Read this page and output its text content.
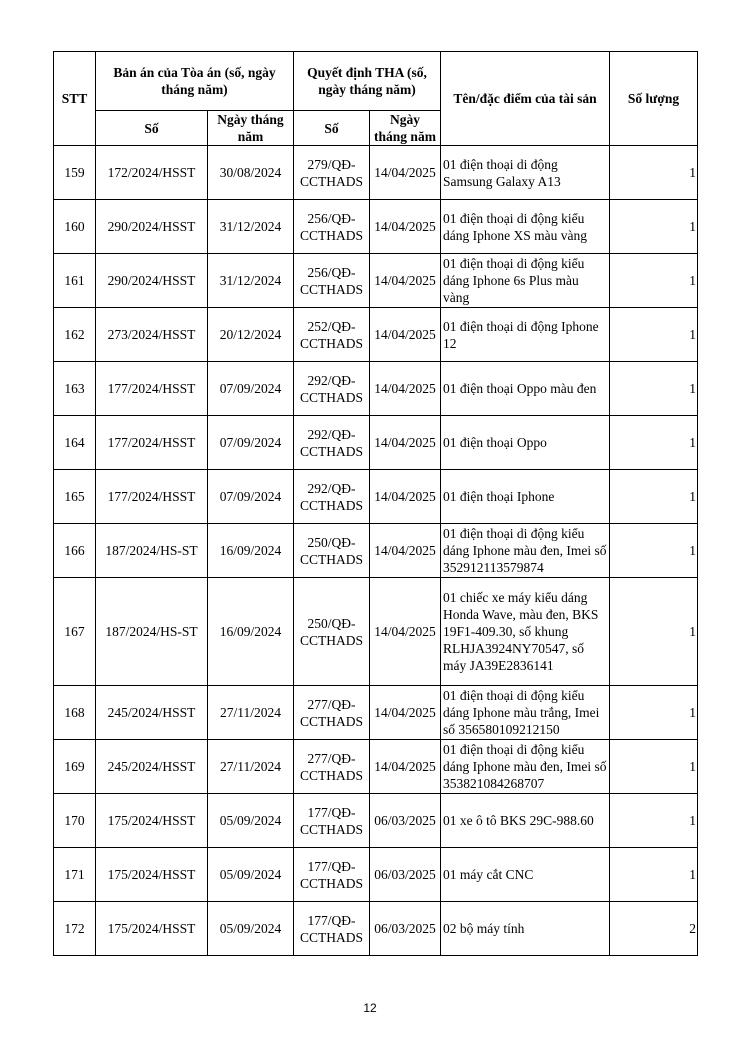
STT	Bản án của Tòa án (số, ngày tháng năm)		Quyết định THA (số, ngày tháng năm)		Tên/đặc điểm của tài sản	Số lượng
	Số	Ngày tháng năm	Số	Ngày tháng năm		
159	172/2024/HSST	30/08/2024	279/QĐ-CCTHADS	14/04/2025	01 điện thoại di động Samsung Galaxy A13	1
160	290/2024/HSST	31/12/2024	256/QĐ-CCTHADS	14/04/2025	01 điện thoại di động kiểu dáng Iphone XS màu vàng	1
161	290/2024/HSST	31/12/2024	256/QĐ-CCTHADS	14/04/2025	01 điện thoại di động kiểu dáng Iphone 6s Plus màu vàng	1
162	273/2024/HSST	20/12/2024	252/QĐ-CCTHADS	14/04/2025	01 điện thoại di động Iphone 12	1
163	177/2024/HSST	07/09/2024	292/QĐ-CCTHADS	14/04/2025	01 điện thoại Oppo màu đen	1
164	177/2024/HSST	07/09/2024	292/QĐ-CCTHADS	14/04/2025	01 điện thoại Oppo	1
165	177/2024/HSST	07/09/2024	292/QĐ-CCTHADS	14/04/2025	01 điện thoại Iphone	1
166	187/2024/HS-ST	16/09/2024	250/QĐ-CCTHADS	14/04/2025	01 điện thoại di động kiểu dáng Iphone màu đen, Imei số 352912113579874	1
167	187/2024/HS-ST	16/09/2024	250/QĐ-CCTHADS	14/04/2025	01 chiếc xe máy kiểu dáng Honda Wave, màu đen, BKS 19F1-409.30, số khung RLHJA3924NY70547, số máy JA39E2836141	1
168	245/2024/HSST	27/11/2024	277/QĐ-CCTHADS	14/04/2025	01 điện thoại di động kiểu dáng Iphone màu trắng, Imei số 356580109212150	1
169	245/2024/HSST	27/11/2024	277/QĐ-CCTHADS	14/04/2025	01 điện thoại di động kiểu dáng Iphone màu đen, Imei số 353821084268707	1
170	175/2024/HSST	05/09/2024	177/QĐ-CCTHADS	06/03/2025	01 xe ô tô BKS 29C-988.60	1
171	175/2024/HSST	05/09/2024	177/QĐ-CCTHADS	06/03/2025	01 máy cắt CNC	1
172	175/2024/HSST	05/09/2024	177/QĐ-CCTHADS	06/03/2025	02 bộ máy tính	2
12
